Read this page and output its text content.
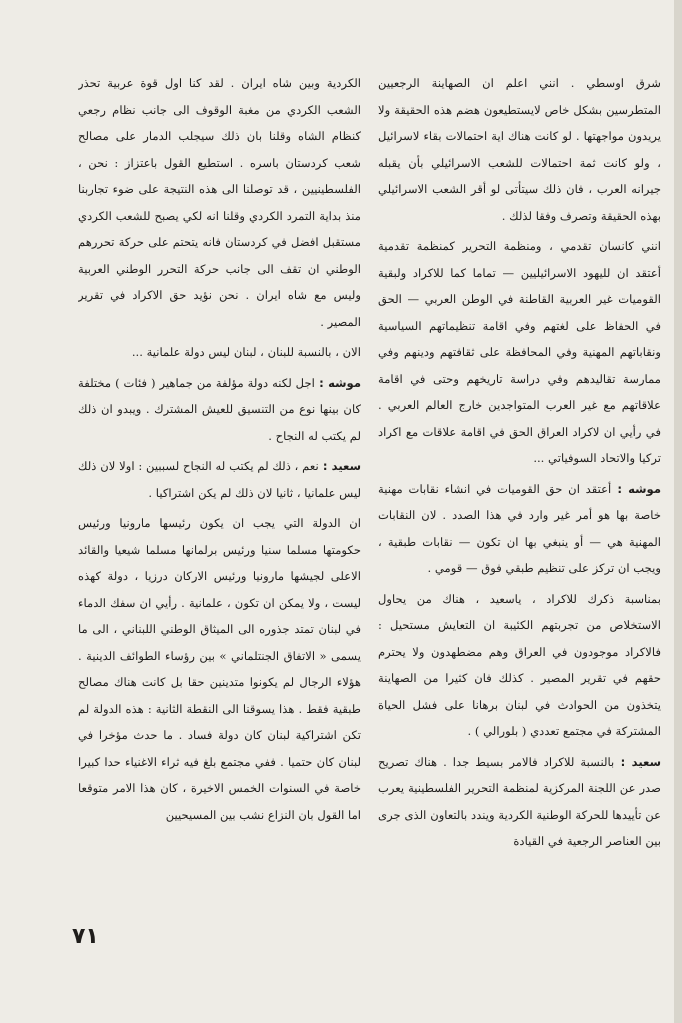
شرق اوسطي . انني اعلم ان الصهاينة الرجعيين المتطرسين بشكل خاص لايستطيعون هضم هذه الحقيقة ولا يريدون مواجهتها . لو كانت هناك اية احتمالات بقاء لاسرائيل ، ولو كانت ثمة احتمالات للشعب الاسرائيلي بأن يقبله جيرانه العرب ، فان ذلك سيتأتى لو أقر الشعب الاسرائيلي بهذه الحقيقة وتصرف وفقا لذلك .

انني كانسان تقدمي ، ومنظمة التحرير كمنظمة تقدمية أعتقد ان لليهود الاسرائيليين — تماما كما للاكراد ولبقية القوميات غير العربية القاطنة في الوطن العربي — الحق في الحفاظ على لغتهم وفي اقامة تنظيماتهم السياسية ونقاباتهم المهنية وفي المحافظة على ثقافتهم ودينهم وفي ممارسة تقاليدهم وفي دراسة تاريخهم وحتى في اقامة علاقاتهم مع غير العرب المتواجدين خارج العالم العربي . في رأيي ان لاكراد العراق الحق في اقامة علاقات مع اكراد تركيا والاتحاد السوفياتي ...

موشه : أعتقد ان حق القوميات في انشاء نقابات مهنية خاصة بها هو أمر غير وارد في هذا الصدد . لان النقابات المهنية هي — أو ينبغي بها ان تكون — نقابات طبقية ، ويجب ان تركز على تنظيم طبقي فوق — قومي .

بمناسبة ذكرك للاكراد ، ياسعيد ، هناك من يحاول الاستخلاص من تجربتهم الكئيبة ان التعايش مستحيل : فالاكراد موجودون في العراق وهم مضطهدون ولا يحترم حقهم في تقرير المصير . كذلك فان كثيرا من الصهاينة يتخذون من الحوادث في لبنان برهانا على فشل الحياة المشتركة في مجتمع تعددي ( بلورالي ) .

سعيد : بالنسبة للاكراد فالامر بسيط جدا . هناك تصريح صدر عن اللجنة المركزية لمنظمة التحرير الفلسطينية يعرب عن تأييدها للحركة الوطنية الكردية ويندد بالتعاون الذى جرى بين العناصر الرجعية في القيادة

الكردية وبين شاه ايران . لقد كنا اول قوة عربية تحذر الشعب الكردي من مغبة الوقوف الى جانب نظام رجعي كنظام الشاه وقلنا بان ذلك سيجلب الدمار على مصالح شعب كردستان باسره . استطيع القول باعتزاز : نحن ، الفلسطينيين ، قد توصلنا الى هذه النتيجة على ضوء تجاربنا منذ بداية التمرد الكردي وقلنا انه لكي يصبح للشعب الكردي مستقبل افضل في كردستان فانه يتحتم على حركة تحررهم الوطني ان تقف الى جانب حركة التحرر الوطني العربية وليس مع شاه ايران . نحن نؤيد حق الاكراد في تقرير المصير .

الان ، بالنسبة للبنان ، لبنان ليس دولة علمانية ...

موشه : اجل لكنه دولة مؤلفة من جماهير ( فئات ) مختلفة كان بينها نوع من التنسيق للعيش المشترك . ويبدو ان ذلك لم يكتب له النجاح .

سعيد : نعم ، ذلك لم يكتب له النجاح لسببين : اولا لان ذلك ليس علمانيا ، ثانيا لان ذلك لم يكن اشتراكيا .

ان الدولة التي يجب ان يكون رئيسها مارونيا ورئيس حكومتها مسلما سنيا ورئيس برلمانها مسلما شيعيا والقائد الاعلى لجيشها مارونيا ورئيس الاركان درزيا ، دولة كهذه ليست ، ولا يمكن ان تكون ، علمانية . رأيي ان سفك الدماء في لبنان تمتد جذوره الى الميثاق الوطني اللبناني ، الى ما يسمى « الاتفاق الجنتلماني » بين رؤساء الطوائف الدينية . هؤلاء الرجال لم يكونوا متدينين حقا بل كانت هناك مصالح طبقية فقط . هذا يسوقنا الى النقطة الثانية : هذه الدولة لم تكن اشتراكية لبنان كان دولة فساد . ما حدث مؤخرا في لبنان كان حتميا . ففي مجتمع بلغ فيه ثراء الاغنياء حدا كبيرا خاصة في السنوات الخمس الاخيرة ، كان هذا الامر متوقعا اما القول بان النزاع نشب بين المسيحيين

٧١
